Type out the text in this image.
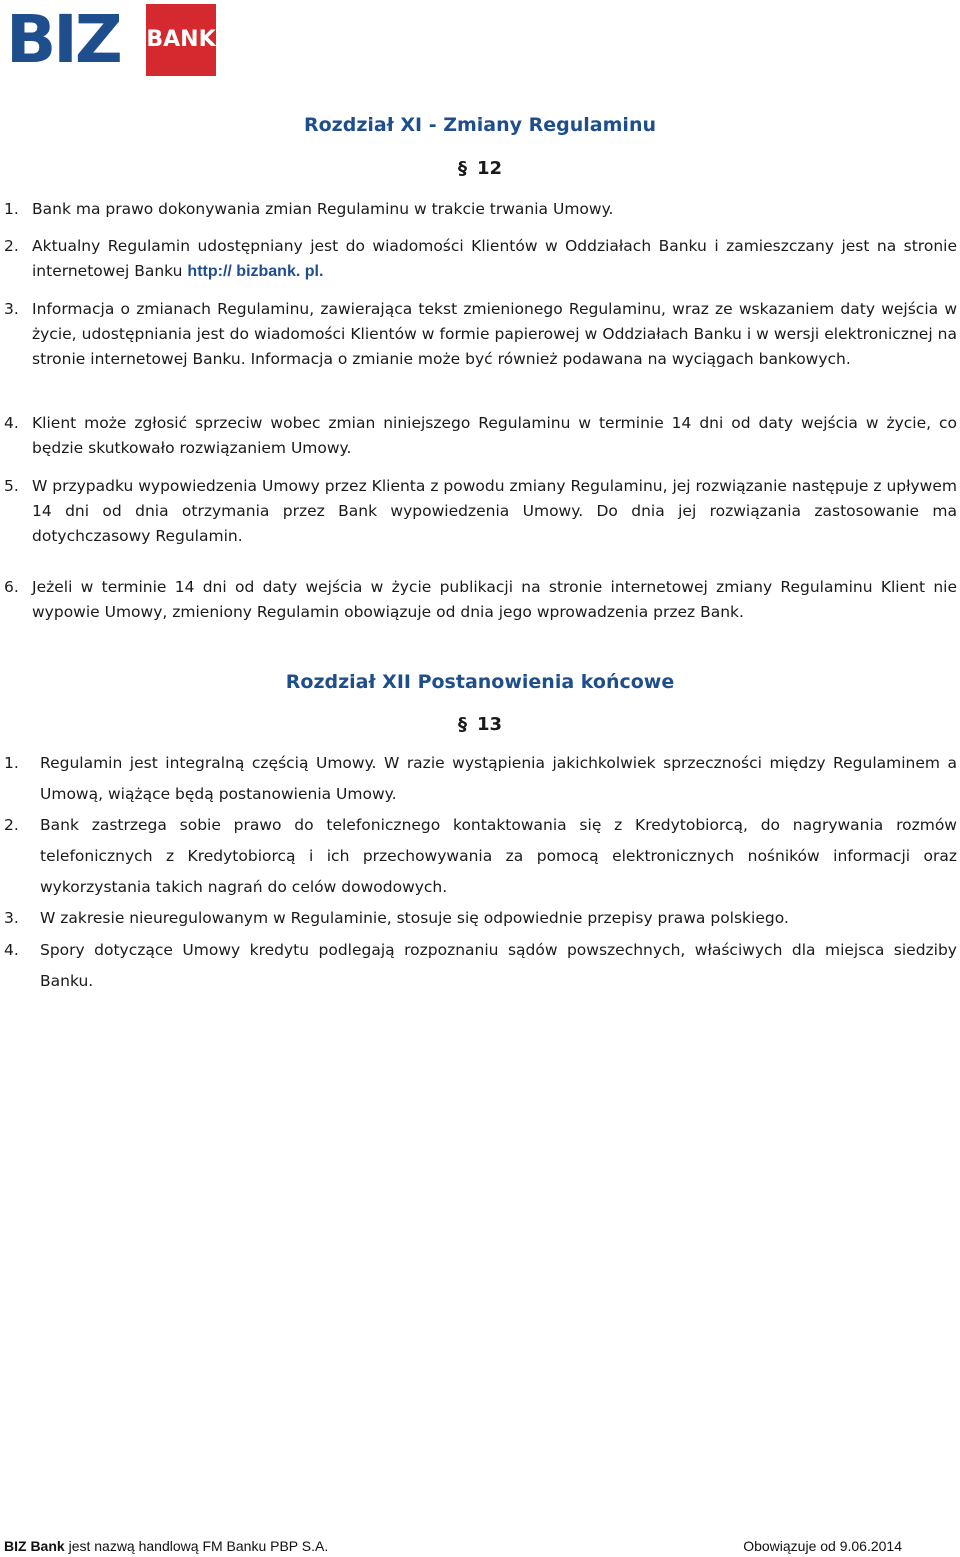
BIZ BANK
Rozdział XI - Zmiany Regulaminu
§ 12
1. Bank ma prawo dokonywania zmian Regulaminu w trakcie trwania Umowy.
2. Aktualny Regulamin udostępniany jest do wiadomości Klientów w Oddziałach Banku i zamieszczany jest na stronie internetowej Banku http:// bizbank. pl.
3. Informacja o zmianach Regulaminu, zawierająca tekst zmienionego Regulaminu, wraz ze wskazaniem daty wejścia w życie, udostępniania jest do wiadomości Klientów w formie papierowej w Oddziałach Banku i w wersji elektronicznej na stronie internetowej Banku. Informacja o zmianie może być również podawana na wyciągach bankowych.
4. Klient może zgłosić sprzeciw wobec zmian niniejszego Regulaminu w terminie 14 dni od daty wejścia w życie, co będzie skutkowało rozwiązaniem Umowy.
5. W przypadku wypowiedzenia Umowy przez Klienta z powodu zmiany Regulaminu, jej rozwiązanie następuje z upływem 14 dni od dnia otrzymania przez Bank wypowiedzenia Umowy. Do dnia jej rozwiązania zastosowanie ma dotychczasowy Regulamin.
6. Jeżeli w terminie 14 dni od daty wejścia w życie publikacji na stronie internetowej zmiany Regulaminu Klient nie wypowie Umowy, zmieniony Regulamin obowiązuje od dnia jego wprowadzenia przez Bank.
Rozdział XII Postanowienia końcowe
§ 13
1.	Regulamin jest integralną częścią Umowy. W razie wystąpienia jakichkolwiek sprzeczności między Regulaminem a Umową, wiążące będą postanowienia Umowy.
2.	Bank zastrzega sobie prawo do telefonicznego kontaktowania się z Kredytobiorcą, do nagrywania rozmów telefonicznych z Kredytobiorcą i ich przechowywania za pomocą elektronicznych nośników informacji oraz wykorzystania takich nagrań do celów dowodowych.
3.	W zakresie nieuregulowanym w Regulaminie, stosuje się odpowiednie przepisy prawa polskiego.
4.	Spory dotyczące Umowy kredytu podlegają rozpoznaniu sądów powszechnych, właściwych dla miejsca siedziby Banku.
BIZ Bank jest nazwą handlową FM Banku PBP S.A.	Obowiązuje od 9.06.2014
